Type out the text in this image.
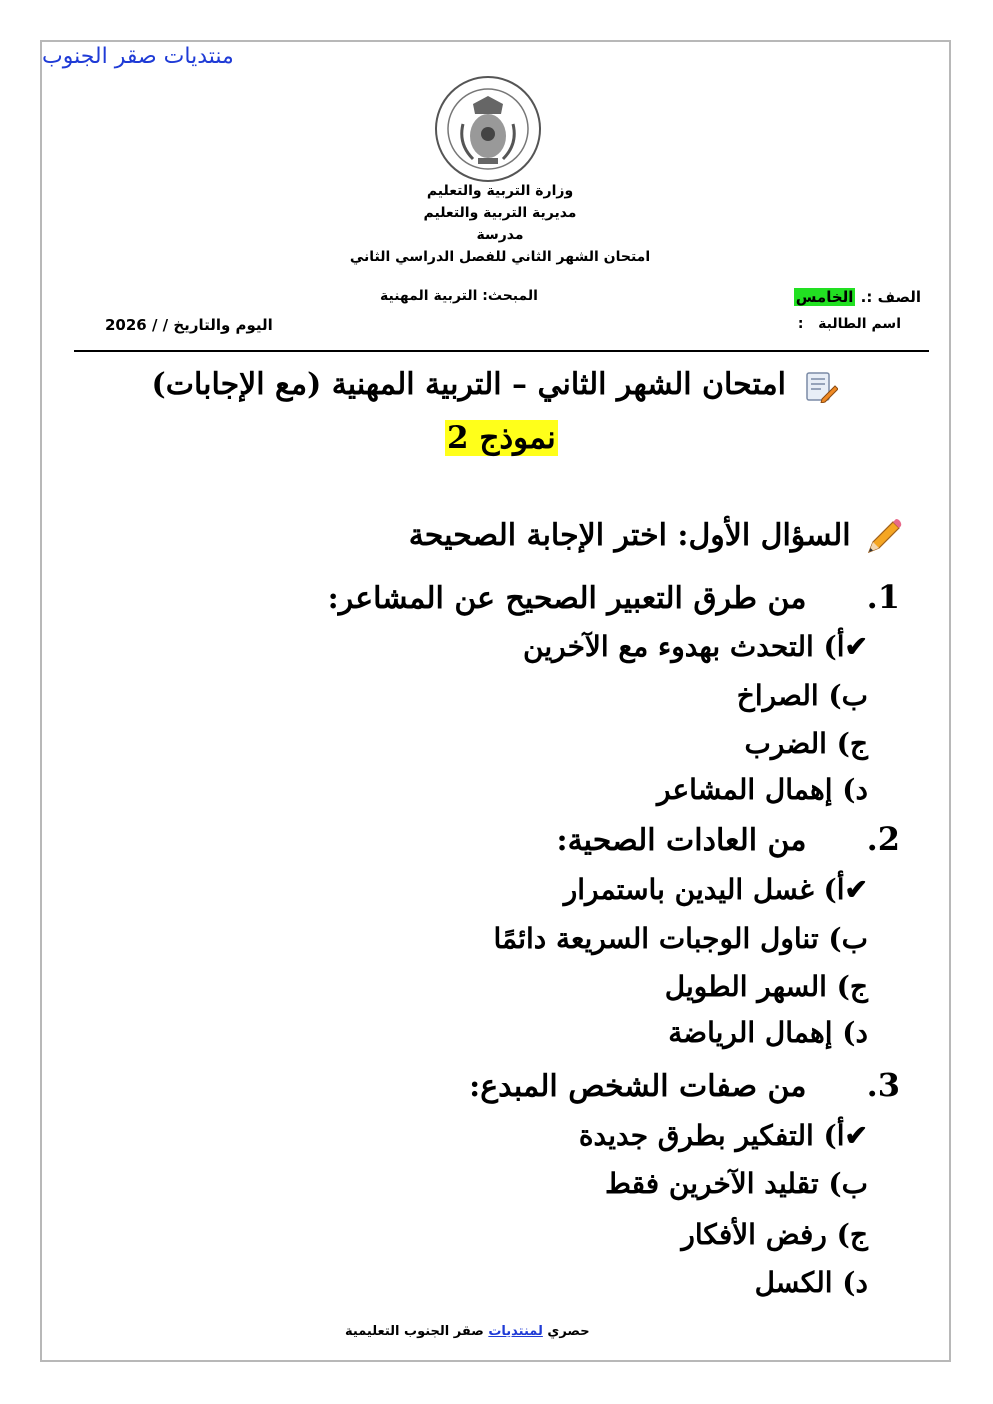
منتديات صقر الجنوب
وزارة التربية والتعليم
مديرية التربية والتعليم
مدرسة
امتحان الشهر الثاني للفصل الدراسي الثاني
الصف :. الخامس
المبحث: التربية المهنية
اسم الطالبة   :
اليوم والتاريخ / / 2026
امتحان الشهر الثاني – التربية المهنية (مع الإجابات)
نموذج 2
السؤال الأول: اختر الإجابة الصحيحة
1.  من طرق التعبير الصحيح عن المشاعر:
✔أ) التحدث بهدوء مع الآخرين
ب) الصراخ
ج) الضرب
د) إهمال المشاعر
2.  من العادات الصحية:
✔أ) غسل اليدين باستمرار
ب) تناول الوجبات السريعة دائمًا
ج) السهر الطويل
د) إهمال الرياضة
3.  من صفات الشخص المبدع:
✔أ) التفكير بطرق جديدة
ب) تقليد الآخرين فقط
ج) رفض الأفكار
د) الكسل
حصري لمنتديات صقر الجنوب التعليمية
